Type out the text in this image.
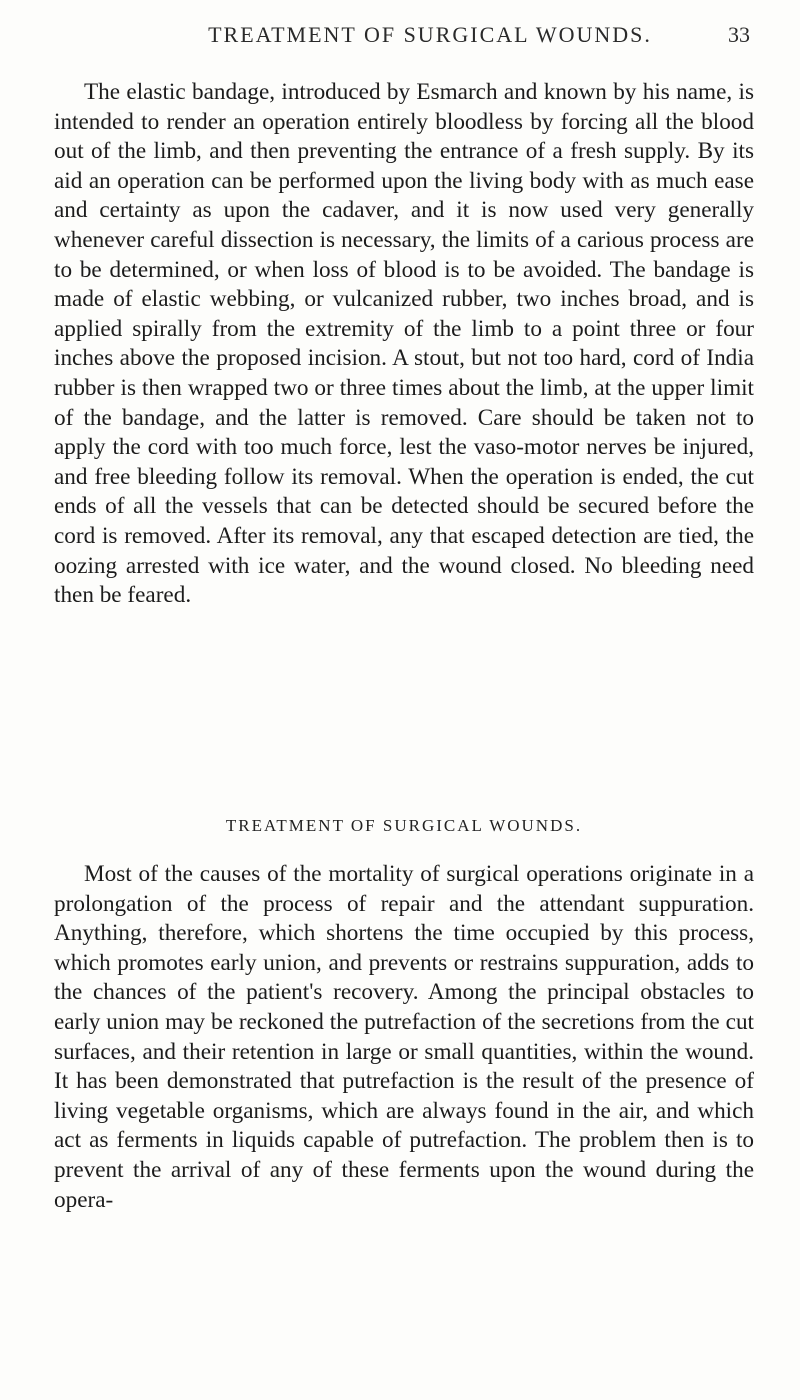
TREATMENT OF SURGICAL WOUNDS.	33

The elastic bandage, introduced by Esmarch and known by his name, is intended to render an operation entirely bloodless by forcing all the blood out of the limb, and then preventing the entrance of a fresh supply. By its aid an operation can be performed upon the living body with as much ease and certainty as upon the cadaver, and it is now used very generally whenever careful dissection is necessary, the limits of a carious process are to be determined, or when loss of blood is to be avoided. The bandage is made of elastic webbing, or vulcanized rubber, two inches broad, and is applied spirally from the extremity of the limb to a point three or four inches above the proposed incision. A stout, but not too hard, cord of India rubber is then wrapped two or three times about the limb, at the upper limit of the bandage, and the latter is removed. Care should be taken not to apply the cord with too much force, lest the vaso-motor nerves be injured, and free bleeding follow its removal. When the operation is ended, the cut ends of all the vessels that can be detected should be secured before the cord is removed. After its removal, any that escaped detection are tied, the oozing arrested with ice water, and the wound closed. No bleeding need then be feared.

TREATMENT OF SURGICAL WOUNDS.

Most of the causes of the mortality of surgical operations originate in a prolongation of the process of repair and the attendant suppuration. Anything, therefore, which shortens the time occupied by this process, which promotes early union, and prevents or restrains suppuration, adds to the chances of the patient's recovery. Among the principal obstacles to early union may be reckoned the putrefaction of the secretions from the cut surfaces, and their retention in large or small quantities, within the wound. It has been demonstrated that putrefaction is the result of the presence of living vegetable organisms, which are always found in the air, and which act as ferments in liquids capable of putrefaction. The problem then is to prevent the arrival of any of these ferments upon the wound during the opera-
